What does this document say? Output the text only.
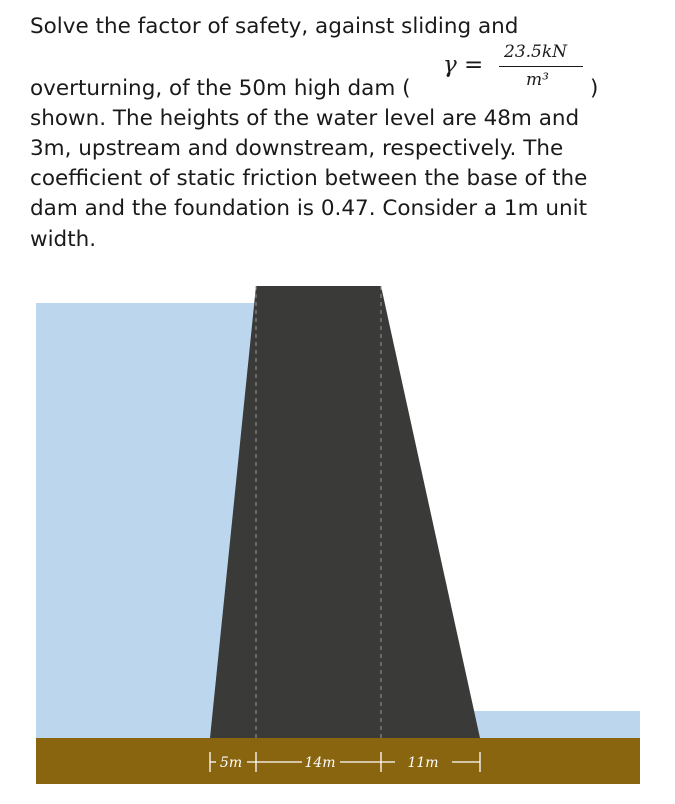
Solve the factor of safety, against sliding and
overturning, of the 50m high dam (
shown. The heights of the water level are 48m and
3m, upstream and downstream, respectively. The
coefficient of static friction between the base of the
dam and the foundation is 0.47. Consider a 1m unit
width.
γ = 23.5kN
m³ )
5m	14m	11m
